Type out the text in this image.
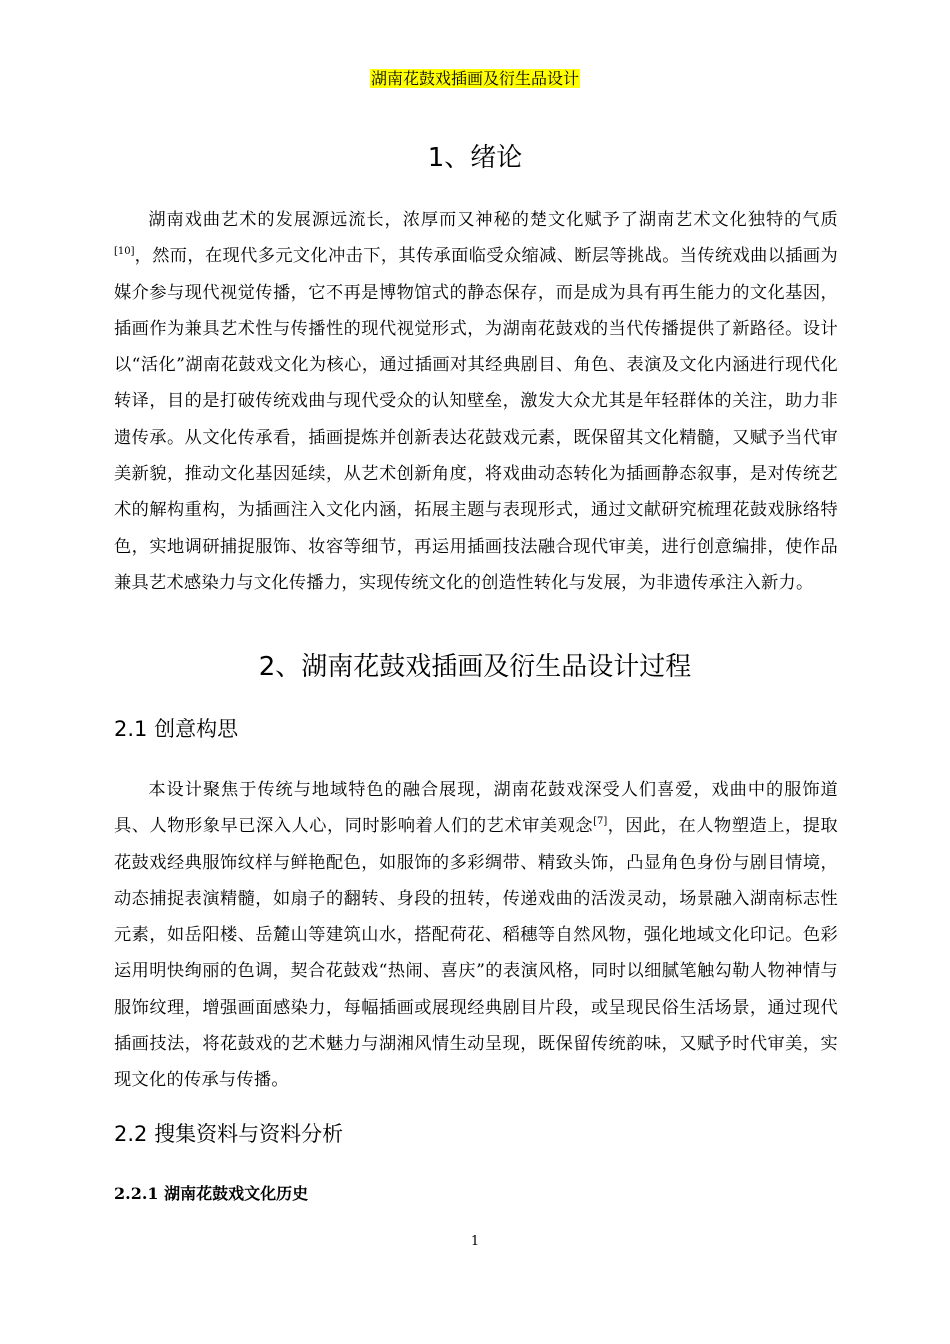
湖南花鼓戏插画及衍生品设计
1、绪论

湖南戏曲艺术的发展源远流长，浓厚而又神秘的楚文化赋予了湖南艺术文化独特的气质[10]，然而，在现代多元文化冲击下，其传承面临受众缩减、断层等挑战。当传统戏曲以插画为媒介参与现代视觉传播，它不再是博物馆式的静态保存，而是成为具有再生能力的文化基因，插画作为兼具艺术性与传播性的现代视觉形式，为湖南花鼓戏的当代传播提供了新路径。设计以“活化”湖南花鼓戏文化为核心，通过插画对其经典剧目、角色、表演及文化内涵进行现代化转译，目的是打破传统戏曲与现代受众的认知壁垒，激发大众尤其是年轻群体的关注，助力非遗传承。从文化传承看，插画提炼并创新表达花鼓戏元素，既保留其文化精髓，又赋予当代审美新貌，推动文化基因延续，从艺术创新角度，将戏曲动态转化为插画静态叙事，是对传统艺术的解构重构，为插画注入文化内涵，拓展主题与表现形式，通过文献研究梳理花鼓戏脉络特色，实地调研捕捉服饰、妆容等细节，再运用插画技法融合现代审美，进行创意编排，使作品兼具艺术感染力与文化传播力，实现传统文化的创造性转化与发展，为非遗传承注入新力。

2、湖南花鼓戏插画及衍生品设计过程
2.1 创意构思

本设计聚焦于传统与地域特色的融合展现，湖南花鼓戏深受人们喜爱，戏曲中的服饰道具、人物形象早已深入人心，同时影响着人们的艺术审美观念[7]，因此，在人物塑造上，提取花鼓戏经典服饰纹样与鲜艳配色，如服饰的多彩绸带、精致头饰，凸显角色身份与剧目情境，动态捕捉表演精髓，如扇子的翻转、身段的扭转，传递戏曲的活泼灵动，场景融入湖南标志性元素，如岳阳楼、岳麓山等建筑山水，搭配荷花、稻穗等自然风物，强化地域文化印记。色彩运用明快绚丽的色调，契合花鼓戏“热闹、喜庆”的表演风格，同时以细腻笔触勾勒人物神情与服饰纹理，增强画面感染力，每幅插画或展现经典剧目片段，或呈现民俗生活场景，通过现代插画技法，将花鼓戏的艺术魅力与湖湘风情生动呈现，既保留传统韵味，又赋予时代审美，实现文化的传承与传播。

2.2 搜集资料与资料分析
2.2.1 湖南花鼓戏文化历史
1
